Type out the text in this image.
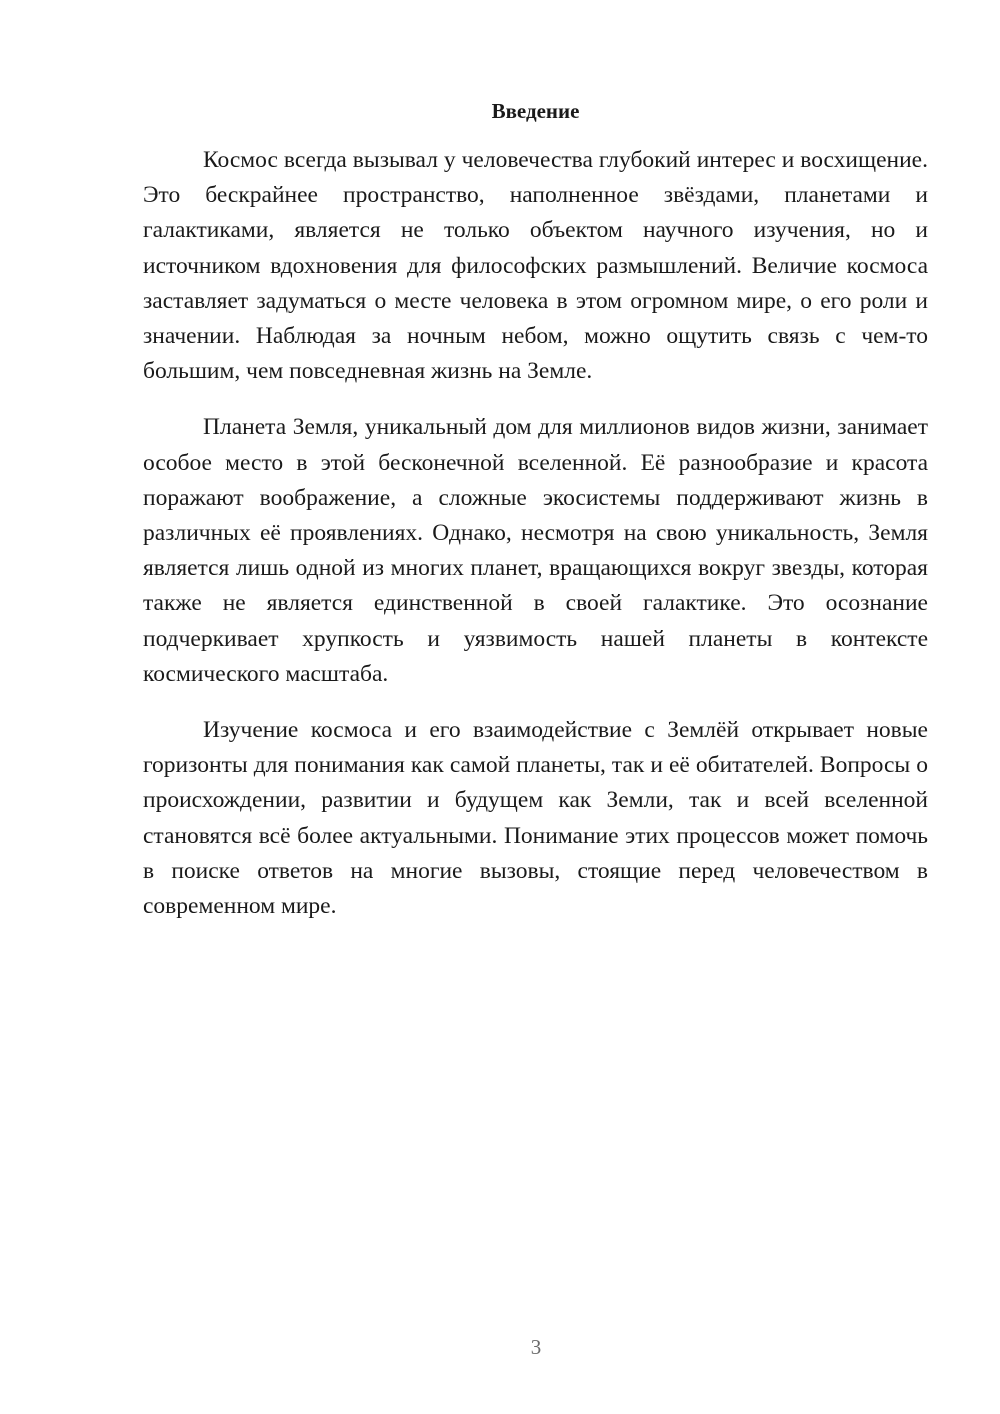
Введение

Космос всегда вызывал у человечества глубокий интерес и восхищение. Это бескрайнее пространство, наполненное звёздами, планетами и галактиками, является не только объектом научного изучения, но и источником вдохновения для философских размышлений. Величие космоса заставляет задуматься о месте человека в этом огромном мире, о его роли и значении. Наблюдая за ночным небом, можно ощутить связь с чем-то большим, чем повседневная жизнь на Земле.

Планета Земля, уникальный дом для миллионов видов жизни, занимает особое место в этой бесконечной вселенной. Её разнообразие и красота поражают воображение, а сложные экосистемы поддерживают жизнь в различных её проявлениях. Однако, несмотря на свою уникальность, Земля является лишь одной из многих планет, вращающихся вокруг звезды, которая также не является единственной в своей галактике. Это осознание подчеркивает хрупкость и уязвимость нашей планеты в контексте космического масштаба.

Изучение космоса и его взаимодействие с Землёй открывает новые горизонты для понимания как самой планеты, так и её обитателей. Вопросы о происхождении, развитии и будущем как Земли, так и всей вселенной становятся всё более актуальными. Понимание этих процессов может помочь в поиске ответов на многие вызовы, стоящие перед человечеством в современном мире.

3
